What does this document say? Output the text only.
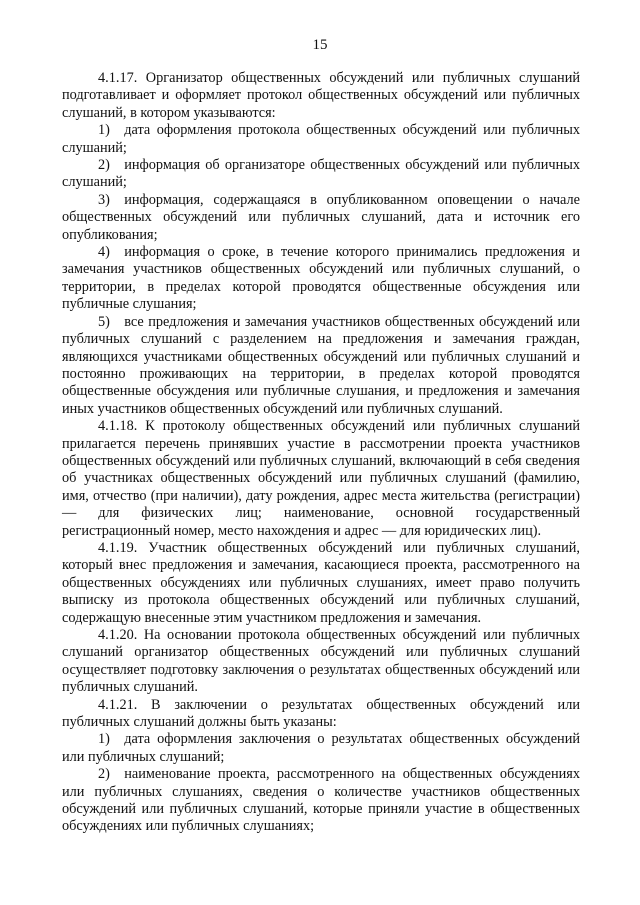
15

4.1.17. Организатор общественных обсуждений или публичных слушаний подготавливает и оформляет протокол общественных обсуждений или публичных слушаний, в котором указываются:

1) дата оформления протокола общественных обсуждений или публичных слушаний;

2) информация об организаторе общественных обсуждений или публичных слушаний;

3) информация, содержащаяся в опубликованном оповещении о начале общественных обсуждений или публичных слушаний, дата и источник его опубликования;

4) информация о сроке, в течение которого принимались предложения и замечания участников общественных обсуждений или публичных слушаний, о территории, в пределах которой проводятся общественные обсуждения или публичные слушания;

5) все предложения и замечания участников общественных обсуждений или публичных слушаний с разделением на предложения и замечания граждан, являющихся участниками общественных обсуждений или публичных слушаний и постоянно проживающих на территории, в пределах которой проводятся общественные обсуждения или публичные слушания, и предложения и замечания иных участников общественных обсуждений или публичных слушаний.

4.1.18. К протоколу общественных обсуждений или публичных слушаний прилагается перечень принявших участие в рассмотрении проекта участников общественных обсуждений или публичных слушаний, включающий в себя сведения об участниках общественных обсуждений или публичных слушаний (фамилию, имя, отчество (при наличии), дату рождения, адрес места жительства (регистрации) — для физических лиц; наименование, основной государственный регистрационный номер, место нахождения и адрес — для юридических лиц).

4.1.19. Участник общественных обсуждений или публичных слушаний, который внес предложения и замечания, касающиеся проекта, рассмотренного на общественных обсуждениях или публичных слушаниях, имеет право получить выписку из протокола общественных обсуждений или публичных слушаний, содержащую внесенные этим участником предложения и замечания.

4.1.20. На основании протокола общественных обсуждений или публичных слушаний организатор общественных обсуждений или публичных слушаний осуществляет подготовку заключения о результатах общественных обсуждений или публичных слушаний.

4.1.21. В заключении о результатах общественных обсуждений или публичных слушаний должны быть указаны:

1) дата оформления заключения о результатах общественных обсуждений или публичных слушаний;

2) наименование проекта, рассмотренного на общественных обсуждениях или публичных слушаниях, сведения о количестве участников общественных обсуждений или публичных слушаний, которые приняли участие в общественных обсуждениях или публичных слушаниях;
